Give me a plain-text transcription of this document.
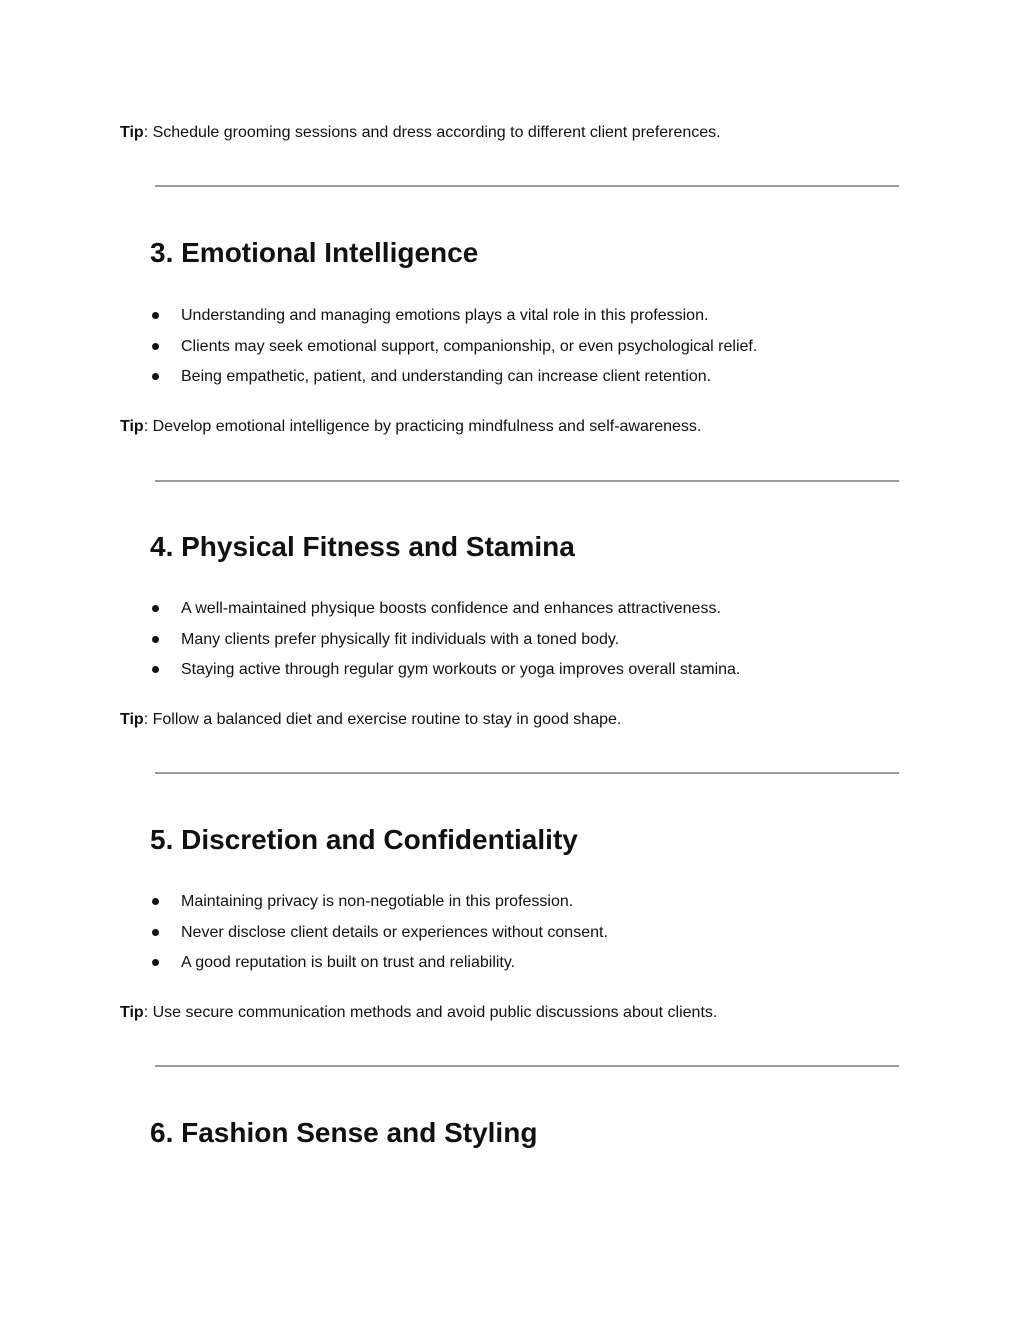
Tip: Schedule grooming sessions and dress according to different client preferences.

3. Emotional Intelligence
Understanding and managing emotions plays a vital role in this profession.
Clients may seek emotional support, companionship, or even psychological relief.
Being empathetic, patient, and understanding can increase client retention.

Tip: Develop emotional intelligence by practicing mindfulness and self-awareness.

4. Physical Fitness and Stamina
A well-maintained physique boosts confidence and enhances attractiveness.
Many clients prefer physically fit individuals with a toned body.
Staying active through regular gym workouts or yoga improves overall stamina.

Tip: Follow a balanced diet and exercise routine to stay in good shape.

5. Discretion and Confidentiality
Maintaining privacy is non-negotiable in this profession.
Never disclose client details or experiences without consent.
A good reputation is built on trust and reliability.

Tip: Use secure communication methods and avoid public discussions about clients.

6. Fashion Sense and Styling
